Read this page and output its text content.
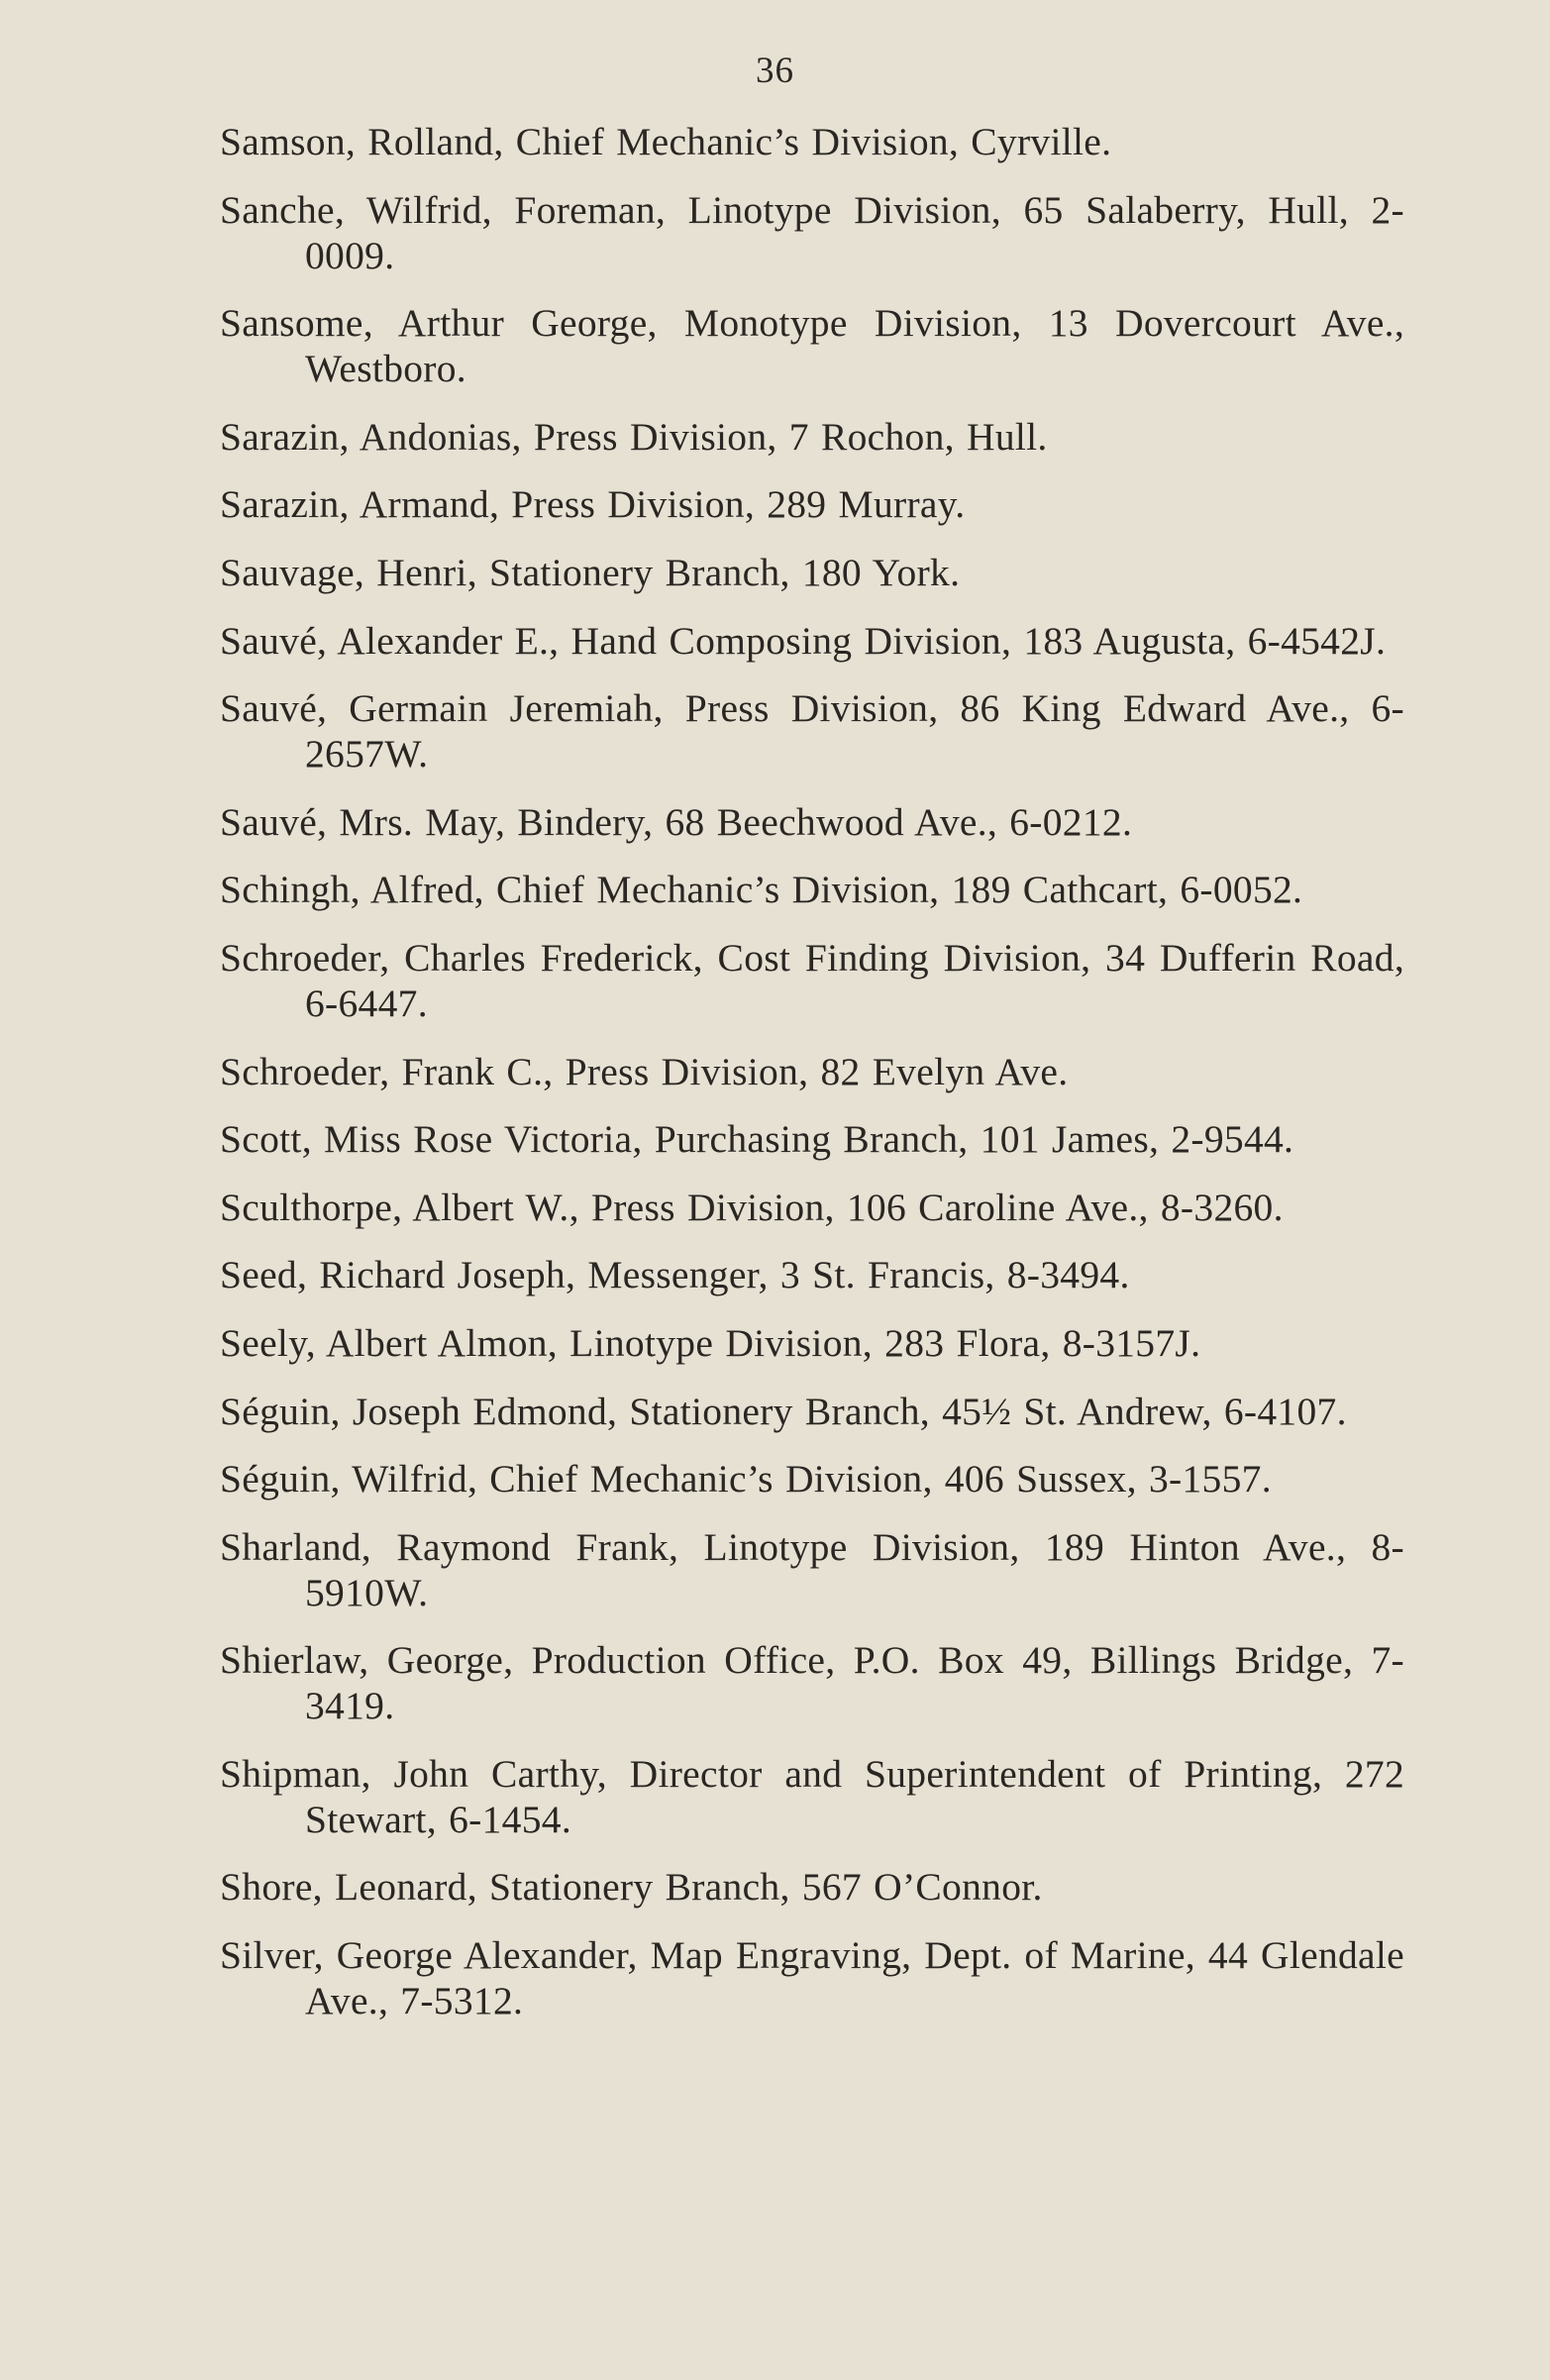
36
Samson, Rolland, Chief Mechanic’s Division, Cyrville.
Sanche, Wilfrid, Foreman, Linotype Division, 65 Salaberry, Hull, 2-0009.
Sansome, Arthur George, Monotype Division, 13 Dovercourt Ave., Westboro.
Sarazin, Andonias, Press Division, 7 Rochon, Hull.
Sarazin, Armand, Press Division, 289 Murray.
Sauvage, Henri, Stationery Branch, 180 York.
Sauvé, Alexander E., Hand Composing Division, 183 Augusta, 6-4542J.
Sauvé, Germain Jeremiah, Press Division, 86 King Edward Ave., 6-2657W.
Sauvé, Mrs. May, Bindery, 68 Beechwood Ave., 6-0212.
Schingh, Alfred, Chief Mechanic’s Division, 189 Cathcart, 6-0052.
Schroeder, Charles Frederick, Cost Finding Division, 34 Dufferin Road, 6-6447.
Schroeder, Frank C., Press Division, 82 Evelyn Ave.
Scott, Miss Rose Victoria, Purchasing Branch, 101 James, 2-9544.
Sculthorpe, Albert W., Press Division, 106 Caroline Ave., 8-3260.
Seed, Richard Joseph, Messenger, 3 St. Francis, 8-3494.
Seely, Albert Almon, Linotype Division, 283 Flora, 8-3157J.
Séguin, Joseph Edmond, Stationery Branch, 45½ St. Andrew, 6-4107.
Séguin, Wilfrid, Chief Mechanic’s Division, 406 Sussex, 3-1557.
Sharland, Raymond Frank, Linotype Division, 189 Hinton Ave., 8-5910W.
Shierlaw, George, Production Office, P.O. Box 49, Billings Bridge, 7-3419.
Shipman, John Carthy, Director and Superintendent of Printing, 272 Stewart, 6-1454.
Shore, Leonard, Stationery Branch, 567 O’Connor.
Silver, George Alexander, Map Engraving, Dept. of Marine, 44 Glendale Ave., 7-5312.
